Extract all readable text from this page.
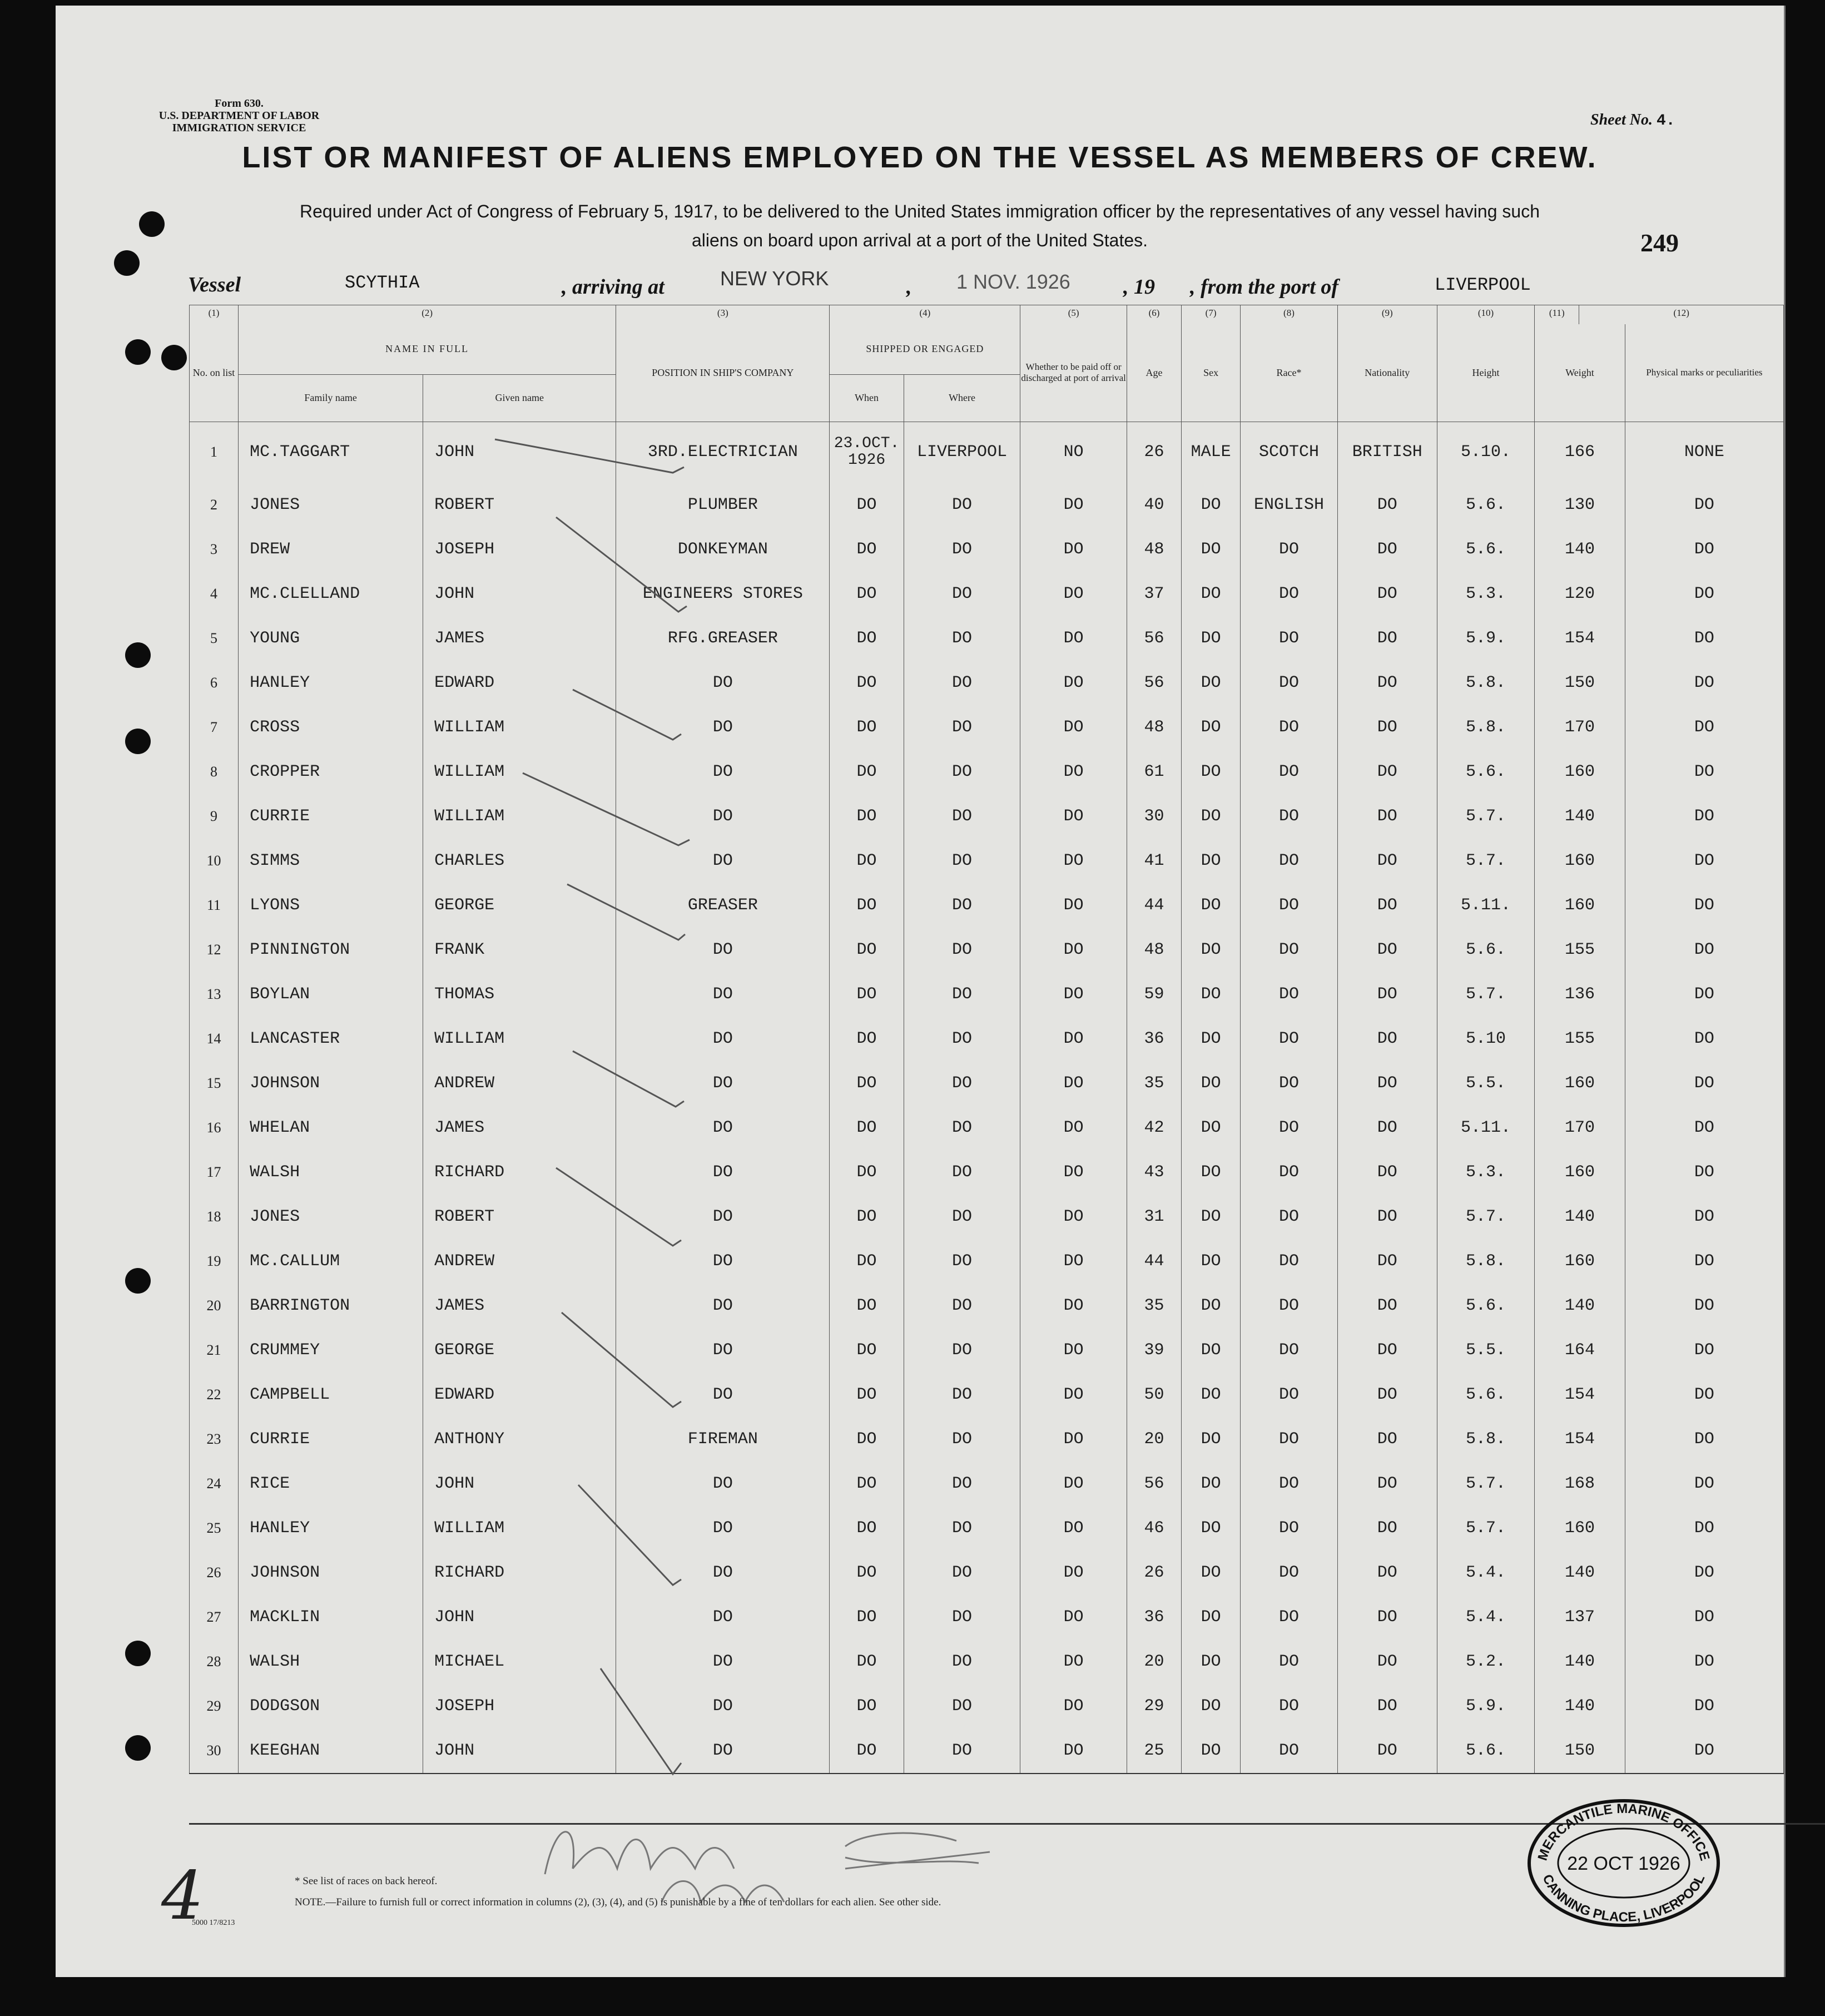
Form 630.
U.S. DEPARTMENT OF LABOR
IMMIGRATION SERVICE	Sheet No. 4.
LIST OR MANIFEST OF ALIENS EMPLOYED ON THE VESSEL AS MEMBERS OF CREW.
Required under Act of Congress of February 5, 1917, to be delivered to the United States immigration officer by the representatives of any vessel having such
aliens on board upon arrival at a port of the United States.	249
Vessel	SCYTHIA	, arriving at	NEW YORK	, 1 NOV. 1926	, 19 , from the port of	LIVERPOOL
(1)	(2)		(3)	(4)		(5)	(6)	(7)	(8)	(9)	(10)	(11)	(12)	
No. on list	NAME IN FULL		POSITION IN SHIP'S COMPANY	SHIPPED OR ENGAGED		Whether to be paid off or discharged at port of arrival	Age	Sex	Race*	Nationality	Height	Weight		Physical marks or peculiarities
	Family name	Given name		When	Where									
1	MC.TAGGART	JOHN	3RD.ELECTRICIAN	23.OCT. 1926	LIVERPOOL	NO	26	MALE	SCOTCH	BRITISH	5.10.	166		NONE
2	JONES	ROBERT	PLUMBER	DO	DO	DO	40	DO	ENGLISH	DO	5.6.	130		DO
3	DREW	JOSEPH	DONKEYMAN	DO	DO	DO	48	DO	DO	DO	5.6.	140		DO
4	MC.CLELLAND	JOHN	ENGINEERS STORES	DO	DO	DO	37	DO	DO	DO	5.3.	120		DO
5	YOUNG	JAMES	RFG.GREASER	DO	DO	DO	56	DO	DO	DO	5.9.	154		DO
6	HANLEY	EDWARD	DO	DO	DO	DO	56	DO	DO	DO	5.8.	150		DO
7	CROSS	WILLIAM	DO	DO	DO	DO	48	DO	DO	DO	5.8.	170		DO
8	CROPPER	WILLIAM	DO	DO	DO	DO	61	DO	DO	DO	5.6.	160		DO
9	CURRIE	WILLIAM	DO	DO	DO	DO	30	DO	DO	DO	5.7.	140		DO
10	SIMMS	CHARLES	DO	DO	DO	DO	41	DO	DO	DO	5.7.	160		DO
11	LYONS	GEORGE	GREASER	DO	DO	DO	44	DO	DO	DO	5.11.	160		DO
12	PINNINGTON	FRANK	DO	DO	DO	DO	48	DO	DO	DO	5.6.	155		DO
13	BOYLAN	THOMAS	DO	DO	DO	DO	59	DO	DO	DO	5.7.	136		DO
14	LANCASTER	WILLIAM	DO	DO	DO	DO	36	DO	DO	DO	5.10	155		DO
15	JOHNSON	ANDREW	DO	DO	DO	DO	35	DO	DO	DO	5.5.	160		DO
16	WHELAN	JAMES	DO	DO	DO	DO	42	DO	DO	DO	5.11.	170		DO
17	WALSH	RICHARD	DO	DO	DO	DO	43	DO	DO	DO	5.3.	160		DO
18	JONES	ROBERT	DO	DO	DO	DO	31	DO	DO	DO	5.7.	140		DO
19	MC.CALLUM	ANDREW	DO	DO	DO	DO	44	DO	DO	DO	5.8.	160		DO
20	BARRINGTON	JAMES	DO	DO	DO	DO	35	DO	DO	DO	5.6.	140		DO
21	CRUMMEY	GEORGE	DO	DO	DO	DO	39	DO	DO	DO	5.5.	164		DO
22	CAMPBELL	EDWARD	DO	DO	DO	DO	50	DO	DO	DO	5.6.	154		DO
23	CURRIE	ANTHONY	FIREMAN	DO	DO	DO	20	DO	DO	DO	5.8.	154		DO
24	RICE	JOHN	DO	DO	DO	DO	56	DO	DO	DO	5.7.	168		DO
25	HANLEY	WILLIAM	DO	DO	DO	DO	46	DO	DO	DO	5.7.	160		DO
26	JOHNSON	RICHARD	DO	DO	DO	DO	26	DO	DO	DO	5.4.	140		DO
27	MACKLIN	JOHN	DO	DO	DO	DO	36	DO	DO	DO	5.4.	137		DO
28	WALSH	MICHAEL	DO	DO	DO	DO	20	DO	DO	DO	5.2.	140		DO
29	DODGSON	JOSEPH	DO	DO	DO	DO	29	DO	DO	DO	5.9.	140		DO
30	KEEGHAN	JOHN	DO	DO	DO	DO	25	DO	DO	DO	5.6.	150		DO
* See list of races on back hereof.
NOTE.—Failure to furnish full or correct information in columns (2), (3), (4), and (5) is punishable by a fine of ten dollars for each alien. See other side.
5000 17/8213
4
MERCANTILE MARINE OFFICE
CANNING PLACE, LIVERPOOL
22 OCT 1926
